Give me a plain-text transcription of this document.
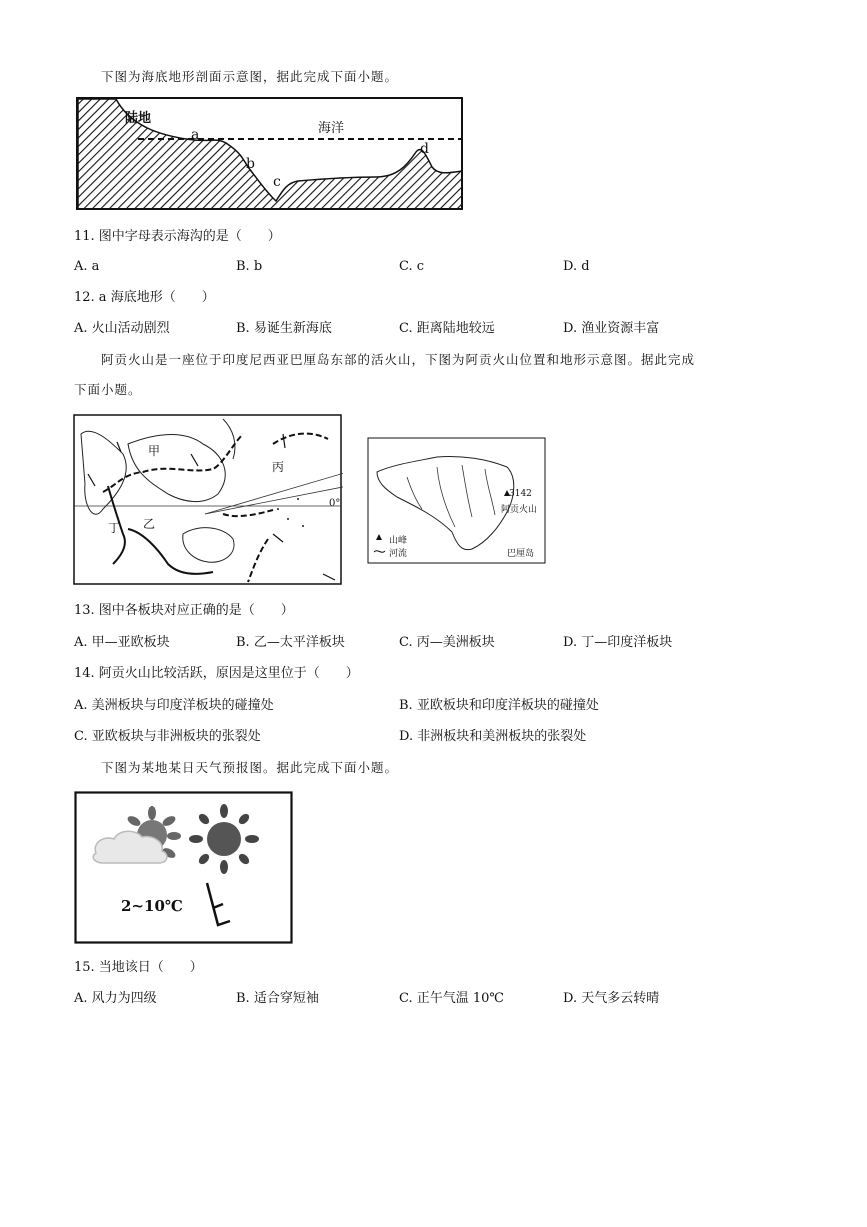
下图为海底地形剖面示意图，据此完成下面小题。
陆地
海洋
a
b
c
d
11. 图中字母表示海沟的是（　　）
A. a	B. b	C. c	D. d
12. a 海底地形（　　）
A. 火山活动剧烈	B. 易诞生新海底	C. 距离陆地较远	D. 渔业资源丰富
阿贡火山是一座位于印度尼西亚巴厘岛东部的活火山，下图为阿贡火山位置和地形示意图。据此完成
下面小题。
甲
乙
丙
丁
0°
3142
阿贡火山
山峰
河流	巴厘岛
13. 图中各板块对应正确的是（　　）
A. 甲—亚欧板块	B. 乙—太平洋板块	C. 丙—美洲板块	D. 丁—印度洋板块
14. 阿贡火山比较活跃，原因是这里位于（　　）
A. 美洲板块与印度洋板块的碰撞处	B. 亚欧板块和印度洋板块的碰撞处
C. 亚欧板块与非洲板块的张裂处	D. 非洲板块和美洲板块的张裂处
下图为某地某日天气预报图。据此完成下面小题。
2~10℃
15. 当地该日（　　）
A. 风力为四级	B. 适合穿短袖	C. 正午气温 10℃	D. 天气多云转晴
